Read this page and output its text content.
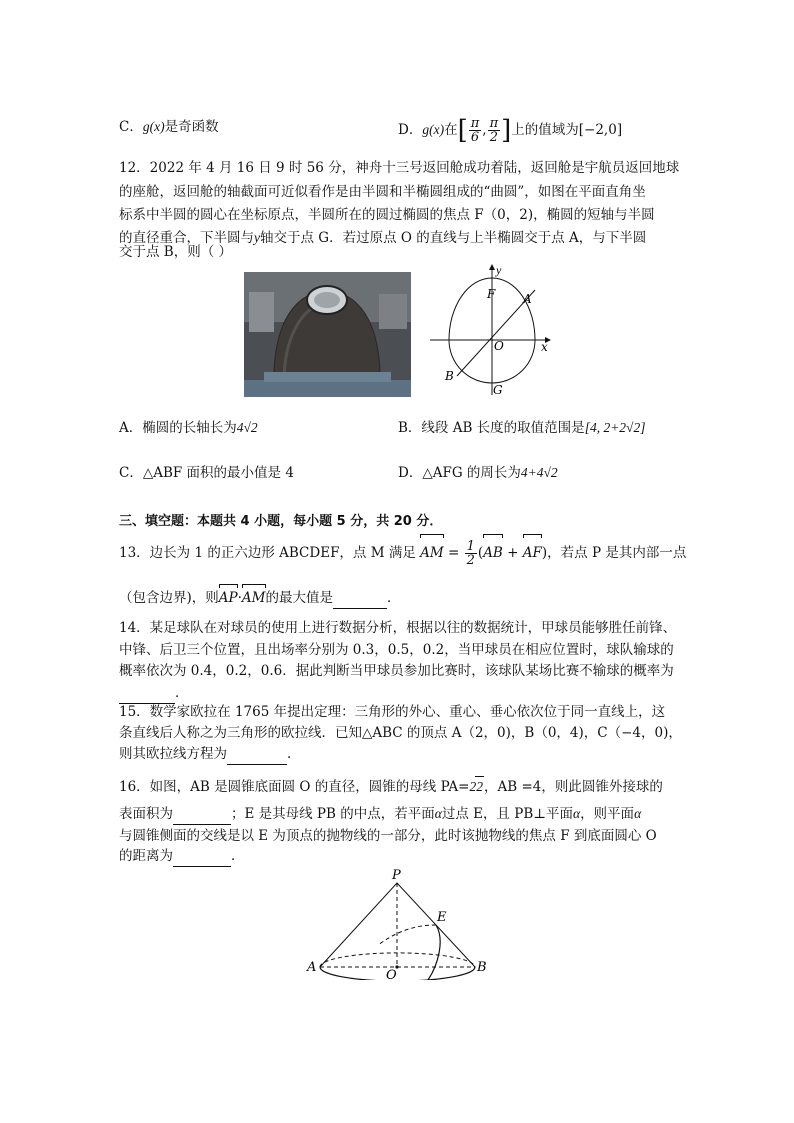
C．g(x)是奇函数	D．g(x)在[ $\frac{\pi}{6}$ , $\frac{\pi}{2}$ ]上的值域为[−2,0]
12．2022 年 4 月 16 日 9 时 56 分，神舟十三号返回舱成功着陆，返回舱是宇航员返回地球
的座舱，返回舱的轴截面可近似看作是由半圆和半椭圆组成的“曲圆”，如图在平面直角坐
标系中半圆的圆心在坐标原点，半圆所在的圆过椭圆的焦点 F（0，2)，椭圆的短轴与半圆
的直径重合，下半圆与y轴交于点 G．若过原点 O 的直线与上半椭圆交于点 A，与下半圆
交于点 B，则（ ）
y
x
F A
O
B
G
A．椭圆的长轴长为4√2	B．线段 AB 长度的取值范围是[4, 2+2√2]
C．△ABF 面积的最小值是 4	D．△AFG 的周长为4+4√2
三、填空题：本题共 4 小题，每小题 5 分，共 20 分．
13．边长为 1 的正六边形 ABCDEF，点 M 满足 AM = $\frac{1}{2} (AB + AF)$，若点 P 是其内部一点
（包含边界)，则AP·AM的最大值是	．
14．某足球队在对球员的使用上进行数据分析，根据以往的数据统计，甲球员能够胜任前锋、
中锋、后卫三个位置，且出场率分别为 0.3，0.5，0.2，当甲球员在相应位置时，球队输球的
概率依次为 0.4，0.2，0.6．据此判断当甲球员参加比赛时，该球队某场比赛不输球的概率为
．
15．数学家欧拉在 1765 年提出定理：三角形的外心、重心、垂心依次位于同一直线上，这
条直线后人称之为三角形的欧拉线．已知△ABC 的顶点 A（2，0)，B（0，4)，C（−4，0)，
则其欧拉线方程为	．
16．如图，AB 是圆锥底面圆 O 的直径，圆锥的母线 PA=22，AB =4，则此圆锥外接球的
表面积为	；E 是其母线 PB 的中点，若平面α过点 E，且 PB⊥平面α，则平面α
与圆锥侧面的交线是以 E 为顶点的抛物线的一部分，此时该抛物线的焦点 F 到底面圆心 O
的距离为	．
P
E
A
O
B
